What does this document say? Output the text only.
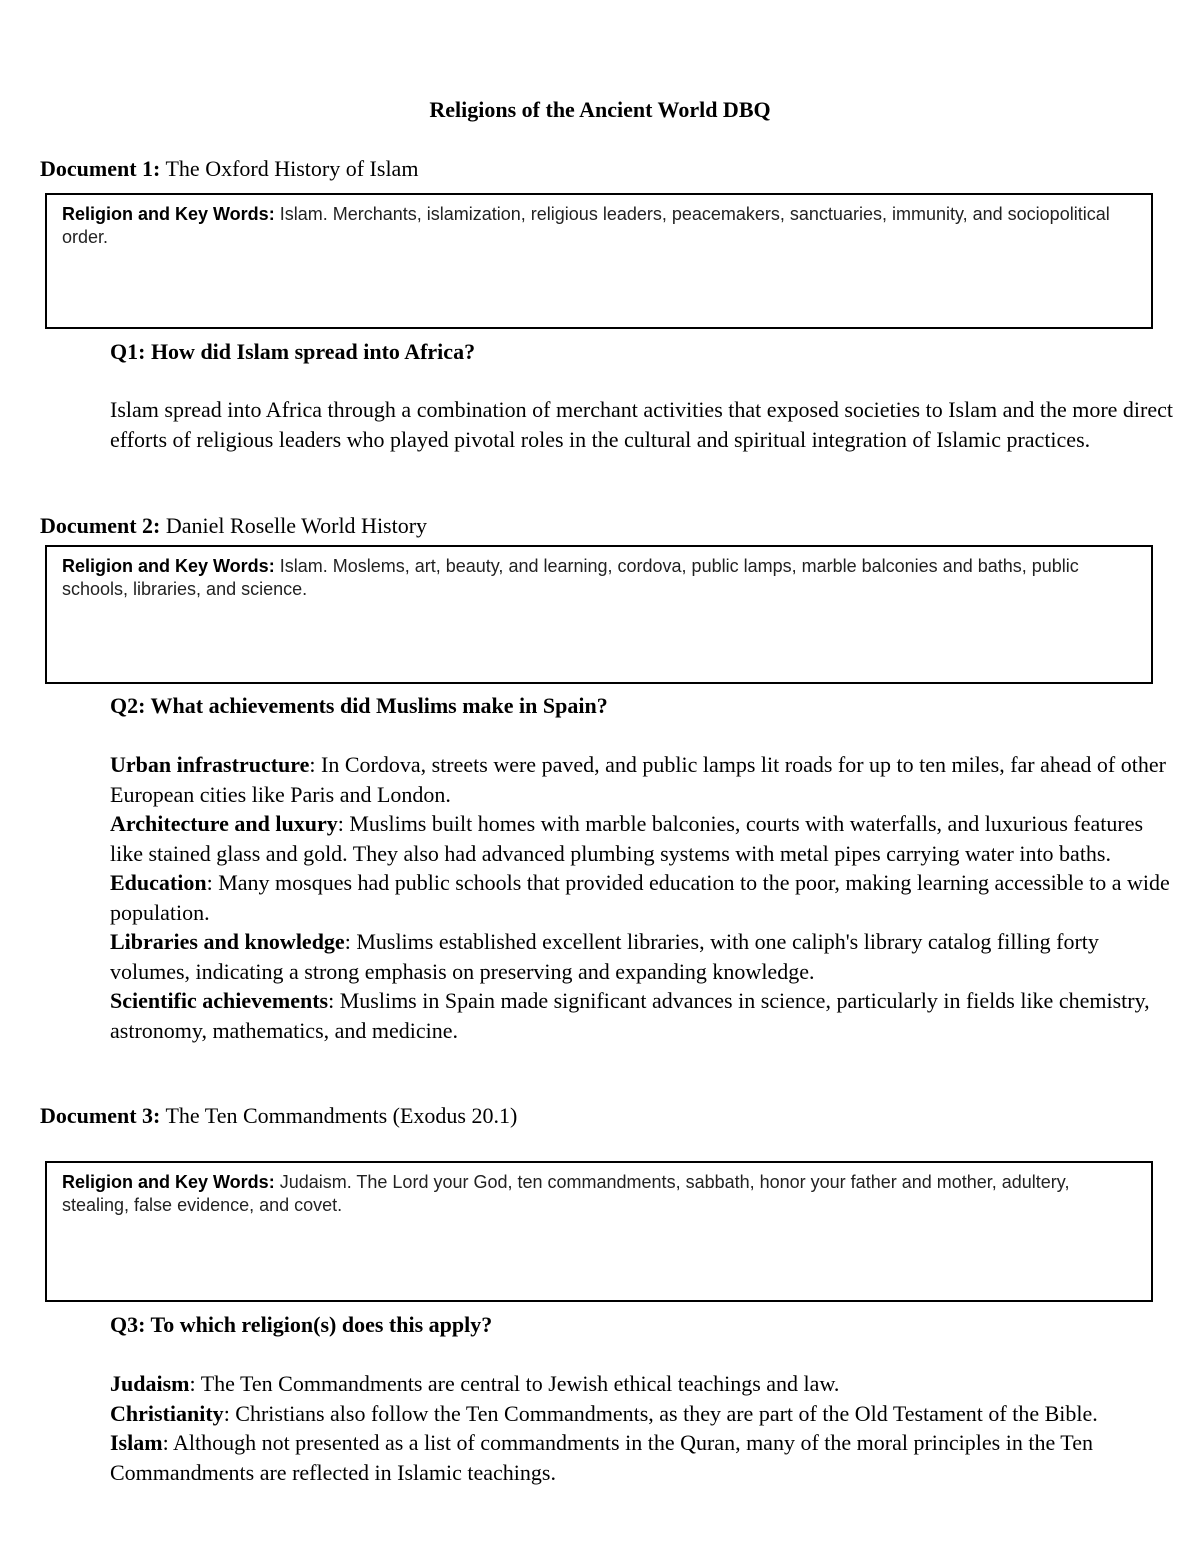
Religions of the Ancient World DBQ
Document 1: The Oxford History of Islam
Religion and Key Words: Islam. Merchants, islamization, religious leaders, peacemakers, sanctuaries, immunity, and sociopolitical order.
Q1: How did Islam spread into Africa?

Islam spread into Africa through a combination of merchant activities that exposed societies to Islam and the more direct efforts of religious leaders who played pivotal roles in the cultural and spiritual integration of Islamic practices.

Document 2: Daniel Roselle World History
Religion and Key Words: Islam. Moslems, art, beauty, and learning, cordova, public lamps, marble balconies and baths, public schools, libraries, and science.
Q2: What achievements did Muslims make in Spain?

Urban infrastructure: In Cordova, streets were paved, and public lamps lit roads for up to ten miles, far ahead of other European cities like Paris and London.

Architecture and luxury: Muslims built homes with marble balconies, courts with waterfalls, and luxurious features like stained glass and gold. They also had advanced plumbing systems with metal pipes carrying water into baths.

Education: Many mosques had public schools that provided education to the poor, making learning accessible to a wide population.

Libraries and knowledge: Muslims established excellent libraries, with one caliph's library catalog filling forty volumes, indicating a strong emphasis on preserving and expanding knowledge.

Scientific achievements: Muslims in Spain made significant advances in science, particularly in fields like chemistry, astronomy, mathematics, and medicine.

Document 3: The Ten Commandments (Exodus 20.1)
Religion and Key Words: Judaism. The Lord your God, ten commandments, sabbath, honor your father and mother, adultery, stealing, false evidence, and covet.
Q3: To which religion(s) does this apply?

Judaism: The Ten Commandments are central to Jewish ethical teachings and law.

Christianity: Christians also follow the Ten Commandments, as they are part of the Old Testament of the Bible.

Islam: Although not presented as a list of commandments in the Quran, many of the moral principles in the Ten Commandments are reflected in Islamic teachings.
